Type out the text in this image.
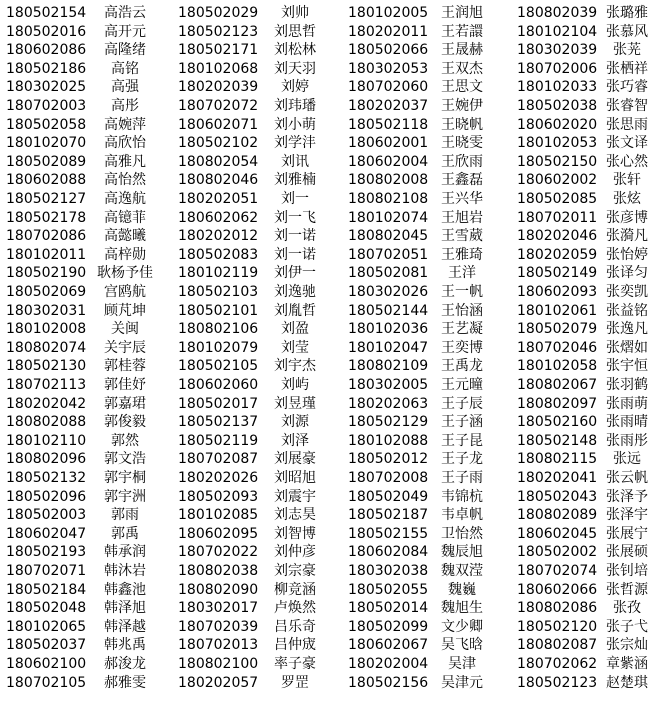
180502154	高浩云	180502029	刘帅	180102005 王润旭	180802039 张璐雅
180502016	高开元	180502123	刘思哲	180202011 王若譞	180102104 张慕风
180602086	高隆绪	180502171	刘松林	180502066 王晟赫	180302039	张茪
180502186	高铭	180102068	刘天羽	180302053 王双杰	180702006 张栖祥
180302025	高强	180202039	刘婷	180702060 王思文	180102033 张巧睿
180702003	高彤	180702072	刘玮璠	180202037 王婉伊	180502038 张睿智
180502058	高婉萍	180602071	刘小萌	180502118 王晓帆	180602020 张思雨
180102070	高欣怡	180502102	刘学沣	180602001 王晓雯	180102053 张文译
180502089	高雅凡	180802054	刘讯	180602004 王欣雨	180502150 张心然
180602088	高怡然	180802046	刘雅楠	180802008 王鑫磊	180602002	张轩
180502127	高逸航	180202051	刘一	180802108 王兴华	180502085	张炫
180502178	高镱菲	180602062	刘一飞	180102074 王旭岩	180702011 张彦博
180702086	高懿曦	180202012	刘一诺	180802045 王雪葳	180202046 张漪凡
180102011	高梓勋	180502083	刘一诺	180702051 王雅琦	180202059 张怡婷
180502190 耿杨予佳	180102119	刘伊一	180502081	王洋	180502149 张译匀
180502069	宫鸥航	180502103	刘逸驰	180302026 王一帆	180602093 张奕凯
180302031	顾芃坤	180502101	刘胤哲	180502144 王怡涵	180102061 张益铭
180102008	关闽	180802106	刘盈	180102036 王艺凝	180502079 张逸凡
180802074	关宇辰	180102079	刘莹	180102047 王奕博	180702046 张熠如
180502130	郭桂蓉	180502105	刘宇杰	180802109 王禹龙	180102058 张宇恒
180702113	郭佳妤	180602060	刘屿	180302005 王元曈	180802067 张羽鹤
180202042	郭嘉珺	180502017	刘昱瑾	180202063 王子辰	180802097 张雨萌
180802088	郭俊毅	180502137	刘源	180502129 王子涵	180502160 张雨晴
180102110	郭然	180502119	刘泽	180102088 王子昆	180502148 张雨彤
180802096	郭文浩	180702087	刘展豪	180502012 王子龙	180802115	张远
180502132	郭宇桐	180202026	刘昭旭	180702008 王子雨	180202041 张云帆
180502096	郭宇洲	180502093	刘震宇	180502049 韦锦杭	180502043 张泽予
180502003	郭雨	180102085	刘志昊	180502187 韦卓帆	180802089 张泽宇
180602047	郭禹	180602095	刘智博	180502155 卫怡然	180602045 张展宁
180502193	韩承润	180702022	刘仲彦	180602084 魏辰旭	180502002 张展硕
180702071	韩沐岩	180802038	刘宗豪	180302038 魏双滢	180702074 张钊培
180502184	韩鑫池	180802090	柳竞涵	180502055	魏巍	180602066 张哲源
180502048	韩泽旭	180302017	卢焕然	180502014 魏旭生	180802086	张孜
180102065	韩泽越	180702039	吕乐奇	180502099 文少卿	180502120 张子弋
180502037	韩兆禹	180702013	吕仲宬	180602067 吴飞晗	180802087 张宗灿
180602100	郝浚龙	180802100	率子豪	180202004	吴津	180702062 章紫涵
180702105	郝雅雯	180202057	罗罡	180502156 吴津元	180502123 赵楚琪
